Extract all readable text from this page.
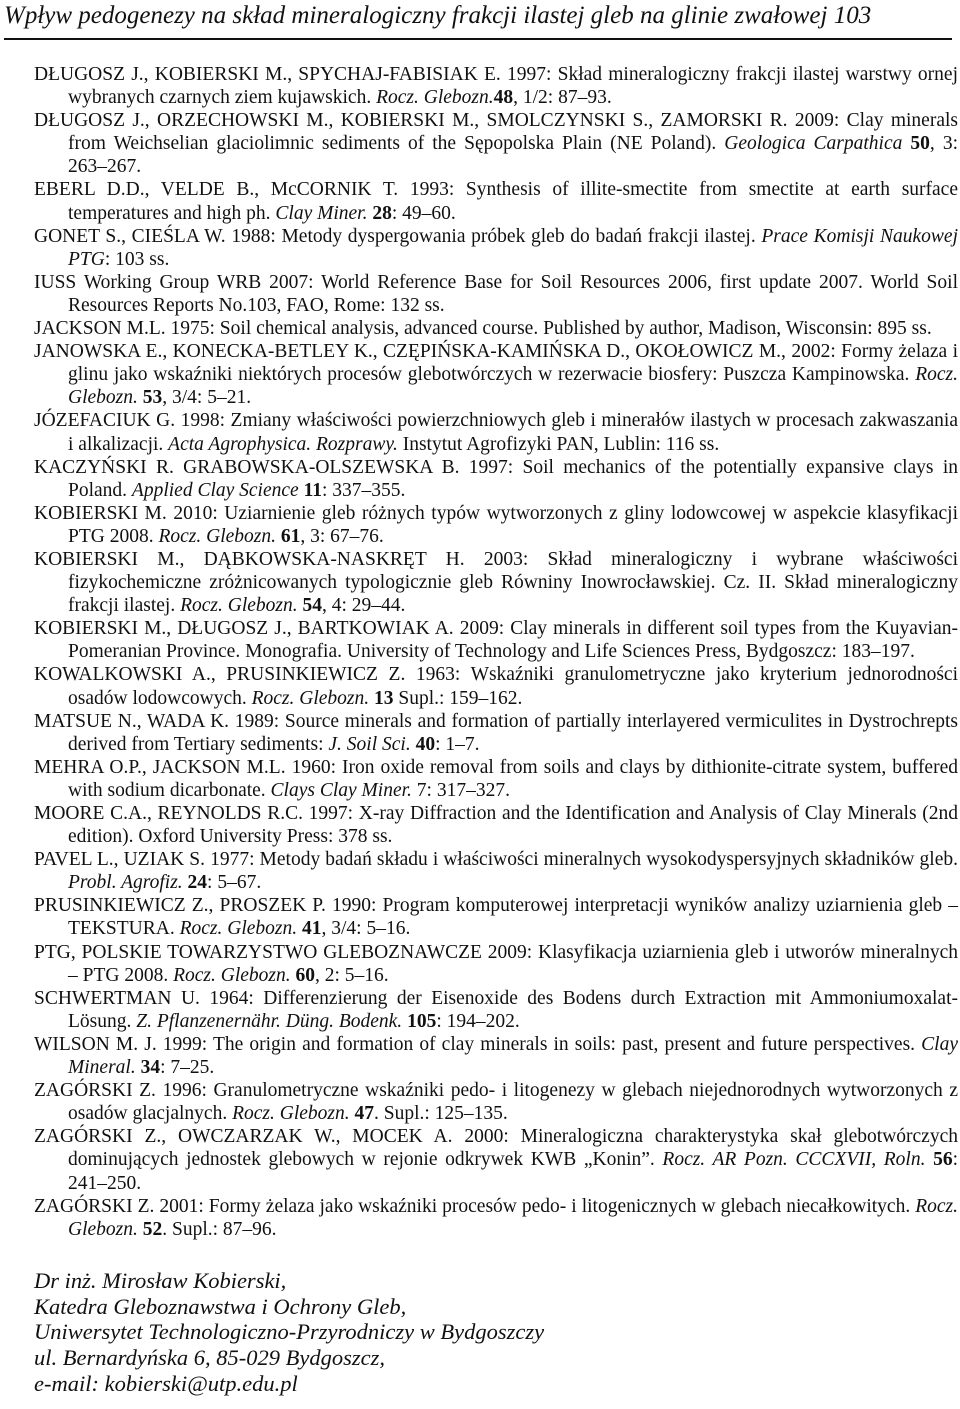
Wpływ pedogenezy na skład mineralogiczny frakcji ilastej gleb na glinie zwałowej 103
DŁUGOSZ J., KOBIERSKI M., SPYCHAJ-FABISIAK E. 1997: Skład mineralogiczny frakcji ilastej warstwy ornej wybranych czarnych ziem kujawskich. Rocz. Glebozn.48, 1/2: 87–93.
DŁUGOSZ J., ORZECHOWSKI M., KOBIERSKI M., SMOLCZYNSKI S., ZAMORSKI R. 2009: Clay minerals from Weichselian glaciolimnic sediments of the Sępopolska Plain (NE Poland). Geologica Carpathica 50, 3: 263–267.
EBERL D.D., VELDE B., McCORNIK T. 1993: Synthesis of illite-smectite from smectite at earth surface temperatures and high ph. Clay Miner. 28: 49–60.
GONET S., CIEŚLA W. 1988: Metody dyspergowania próbek gleb do badań frakcji ilastej. Prace Komisji Naukowej PTG: 103 ss.
IUSS Working Group WRB 2007: World Reference Base for Soil Resources 2006, first update 2007. World Soil Resources Reports No.103, FAO, Rome: 132 ss.
JACKSON M.L. 1975: Soil chemical analysis, advanced course. Published by author, Madison, Wisconsin: 895 ss.
JANOWSKA E., KONECKA-BETLEY K., CZĘPIŃSKA-KAMIŃSKA D., OKOŁOWICZ M., 2002: Formy żelaza i glinu jako wskaźniki niektórych procesów glebotwórczych w rezerwacie biosfery: Puszcza Kampinowska. Rocz. Glebozn. 53, 3/4: 5–21.
JÓZEFACIUK G. 1998: Zmiany właściwości powierzchniowych gleb i minerałów ilastych w procesach zakwaszania i alkalizacji. Acta Agrophysica. Rozprawy. Instytut Agrofizyki PAN, Lublin: 116 ss.
KACZYŃSKI R. GRABOWSKA-OLSZEWSKA B. 1997: Soil mechanics of the potentially expansive clays in Poland. Applied Clay Science 11: 337–355.
KOBIERSKI M. 2010: Uziarnienie gleb różnych typów wytworzonych z gliny lodowcowej w aspekcie klasyfikacji PTG 2008. Rocz. Glebozn. 61, 3: 67–76.
KOBIERSKI M., DĄBKOWSKA-NASKRĘT H. 2003: Skład mineralogiczny i wybrane właściwości fizykochemiczne zróżnicowanych typologicznie gleb Równiny Inowrocławskiej. Cz. II. Skład mineralogiczny frakcji ilastej. Rocz. Glebozn. 54, 4: 29–44.
KOBIERSKI M., DŁUGOSZ J., BARTKOWIAK A. 2009: Clay minerals in different soil types from the Kuyavian-Pomeranian Province. Monografia. University of Technology and Life Sciences Press, Bydgoszcz: 183–197.
KOWALKOWSKI A., PRUSINKIEWICZ Z. 1963: Wskaźniki granulometryczne jako kryterium jednorodności osadów lodowcowych. Rocz. Glebozn. 13 Supl.: 159–162.
MATSUE N., WADA K. 1989: Source minerals and formation of partially interlayered vermiculites in Dystrochrepts derived from Tertiary sediments: J. Soil Sci. 40: 1–7.
MEHRA O.P., JACKSON M.L. 1960: Iron oxide removal from soils and clays by dithionite-citrate system, buffered with sodium dicarbonate. Clays Clay Miner. 7: 317–327.
MOORE C.A., REYNOLDS R.C. 1997: X-ray Diffraction and the Identification and Analysis of Clay Minerals (2nd edition). Oxford University Press: 378 ss.
PAVEL L., UZIAK S. 1977: Metody badań składu i właściwości mineralnych wysokodyspersyjnych składników gleb. Probl. Agrofiz. 24: 5–67.
PRUSINKIEWICZ Z., PROSZEK P. 1990: Program komputerowej interpretacji wyników analizy uziarnienia gleb – TEKSTURA. Rocz. Glebozn. 41, 3/4: 5–16.
PTG, POLSKIE TOWARZYSTWO GLEBOZNAWCZE 2009: Klasyfikacja uziarnienia gleb i utworów mineralnych – PTG 2008. Rocz. Glebozn. 60, 2: 5–16.
SCHWERTMAN U. 1964: Differenzierung der Eisenoxide des Bodens durch Extraction mit Ammoniumoxalat-Lösung. Z. Pflanzenernähr. Düng. Bodenk. 105: 194–202.
WILSON M. J. 1999: The origin and formation of clay minerals in soils: past, present and future perspectives. Clay Mineral. 34: 7–25.
ZAGÓRSKI Z. 1996: Granulometryczne wskaźniki pedo- i litogenezy w glebach niejednorodnych wytworzonych z osadów glacjalnych. Rocz. Glebozn. 47. Supl.: 125–135.
ZAGÓRSKI Z., OWCZARZAK W., MOCEK A. 2000: Mineralogiczna charakterystyka skał glebotwórczych dominujących jednostek glebowych w rejonie odkrywek KWB „Konin”. Rocz. AR Pozn. CCCXVII, Roln. 56: 241–250.
ZAGÓRSKI Z. 2001: Formy żelaza jako wskaźniki procesów pedo- i litogenicznych w glebach niecałkowitych. Rocz. Glebozn. 52. Supl.: 87–96.
Dr inż. Mirosław Kobierski,
Katedra Gleboznawstwa i Ochrony Gleb,
Uniwersytet Technologiczno-Przyrodniczy w Bydgoszczy
ul. Bernardyńska 6, 85-029 Bydgoszcz,
e-mail: kobierski@utp.edu.pl
